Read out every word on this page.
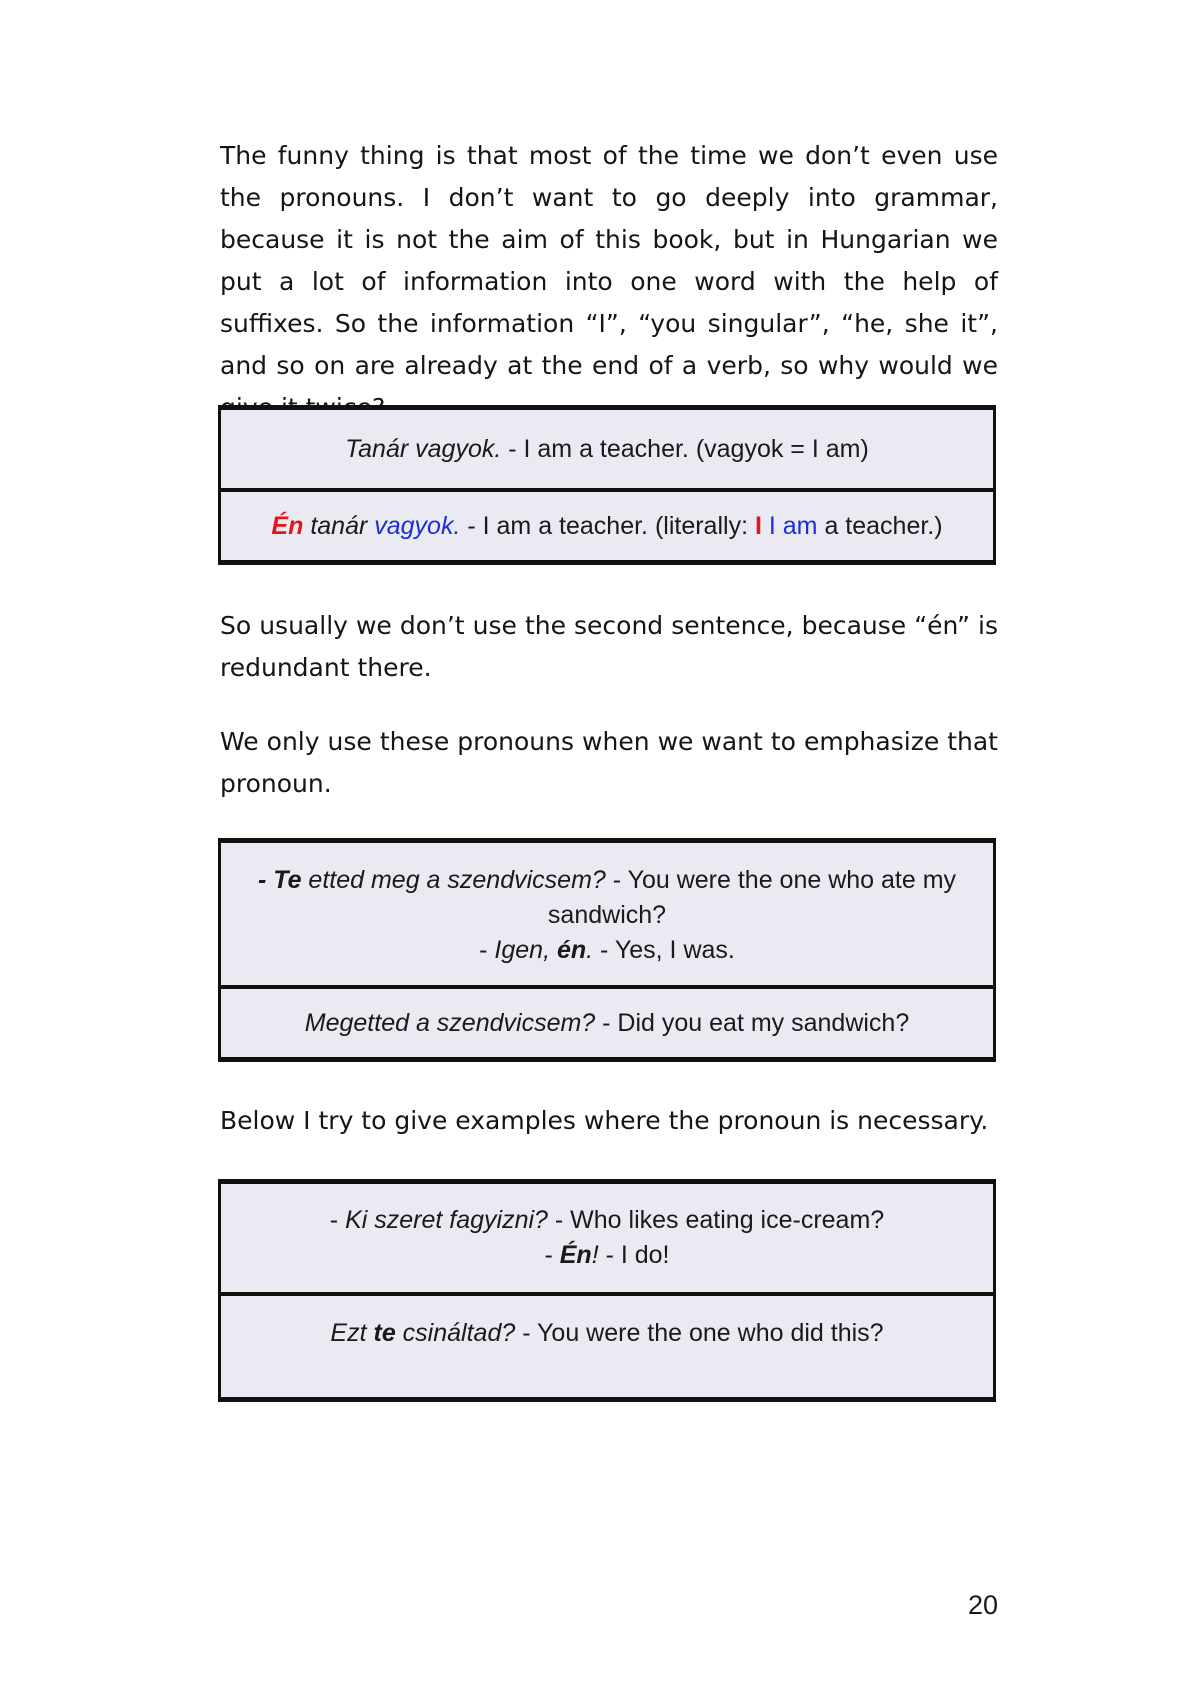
The funny thing is that most of the time we don’t even use the pronouns. I don’t want to go deeply into grammar, because it is not the aim of this book, but in Hungarian we put a lot of information into one word with the help of suffixes. So the information “I”, “you singular”, “he, she it”, and so on are already at the end of a verb, so why would we

Tanár vagyok. - I am a teacher. (vagyok = I am)
Én tanár vagyok. - I am a teacher. (literally: I I am a teacher.)

So usually we don’t use the second sentence, because “én” is redundant there.

We only use these pronouns when we want to emphasize that pronoun.

- Te etted meg a szendvicsem? - You were the one who ate my sandwich?
- Igen, én. - Yes, I was.
Megetted a szendvicsem? - Did you eat my sandwich?

Below I try to give examples where the pronoun is necessary.

- Ki szeret fagyizni? - Who likes eating ice-cream?
- Én! - I do!
Ezt te csináltad? - You were the one who did this?
20
